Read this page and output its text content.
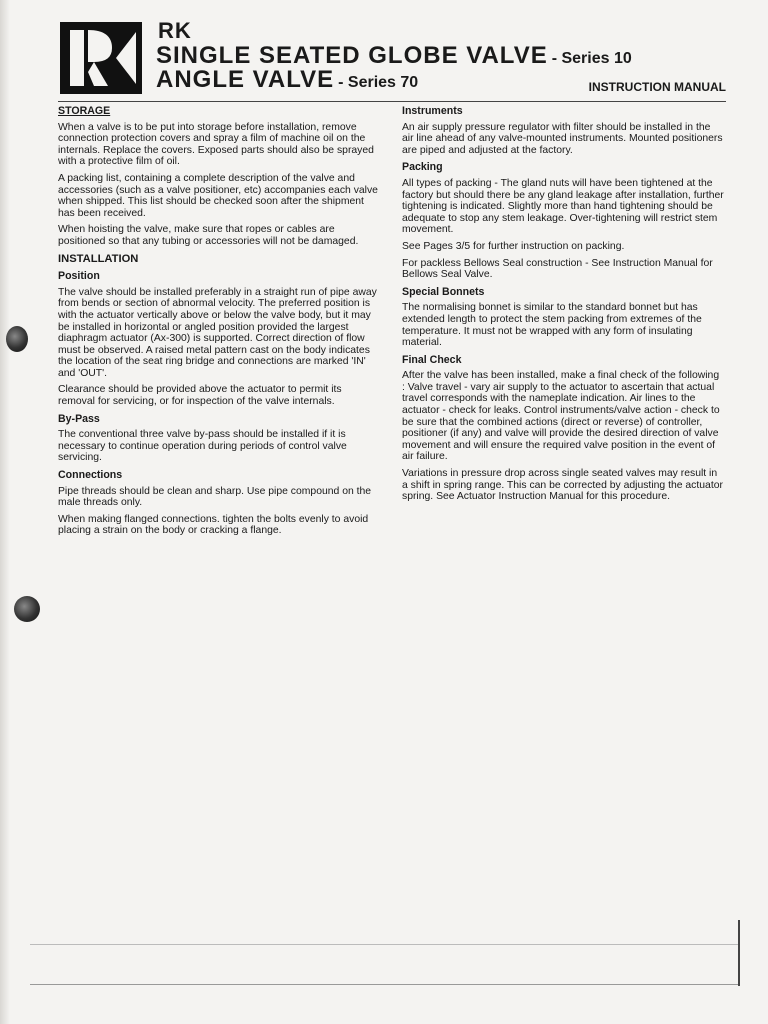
RK
SINGLE SEATED GLOBE VALVE - Series 10
ANGLE VALVE - Series 70	INSTRUCTION MANUAL
STORAGE

When a valve is to be put into storage before installation, remove connection protection covers and spray a film of machine oil on the internals. Replace the covers. Exposed parts should also be sprayed with a protective film of oil.

A packing list, containing a complete description of the valve and accessories (such as a valve positioner, etc) accompanies each valve when shipped. This list should be checked soon after the shipment has been received.

When hoisting the valve, make sure that ropes or cables are positioned so that any tubing or accessories will not be damaged.

INSTALLATION
Position

The valve should be installed preferably in a straight run of pipe away from bends or section of abnormal velocity. The preferred position is with the actuator vertically above or below the valve body, but it may be installed in horizontal or angled position provided the largest diaphragm actuator (Ax-300) is supported. Correct direction of flow must be observed. A raised metal pattern cast on the body indicates the location of the seat ring bridge and connections are marked 'IN' and 'OUT'.

Clearance should be provided above the actuator to permit its removal for servicing, or for inspection of the valve internals.

By-Pass

The conventional three valve by-pass should be installed if it is necessary to continue operation during periods of control valve servicing.

Connections

Pipe threads should be clean and sharp. Use pipe compound on the male threads only.

When making flanged connections. tighten the bolts evenly to avoid placing a strain on the body or cracking a flange.

Instruments

An air supply pressure regulator with filter should be installed in the air line ahead of any valve-mounted instruments. Mounted positioners are piped and adjusted at the factory.

Packing

All types of packing - The gland nuts will have been tightened at the factory but should there be any gland leakage after installation, further tightening is indicated. Slightly more than hand tightening should be adequate to stop any stem leakage. Over-tightening will restrict stem movement.

See Pages 3/5 for further instruction on packing.

For packless Bellows Seal construction - See Instruction Manual for Bellows Seal Valve.

Special Bonnets

The normalising bonnet is similar to the standard bonnet but has extended length to protect the stem packing from extremes of the temperature. It must not be wrapped with any form of insulating material.

Final Check

After the valve has been installed, make a final check of the following : Valve travel - vary air supply to the actuator to ascertain that actual travel corresponds with the nameplate indication. Air lines to the actuator - check for leaks. Control instruments/valve action - check to be sure that the combined actions (direct or reverse) of controller, positioner (if any) and valve will provide the desired direction of valve movement and will ensure the required valve position in the event of air failure.

Variations in pressure drop across single seated valves may result in a shift in spring range. This can be corrected by adjusting the actuator spring. See Actuator Instruction Manual for this procedure.
